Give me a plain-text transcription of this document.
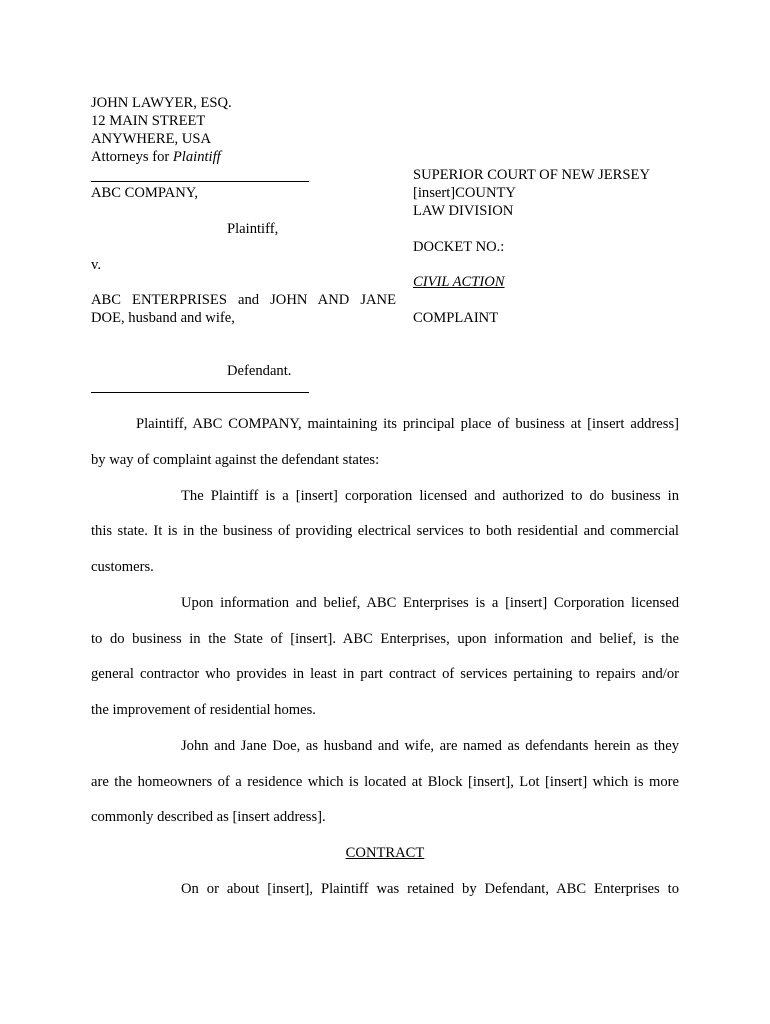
JOHN LAWYER, ESQ.
12 MAIN STREET
ANYWHERE, USA
Attorneys for Plaintiff
ABC COMPANY,
Plaintiff,
v.
ABC ENTERPRISES and JOHN AND JANE
DOE, husband and wife,
Defendant.
SUPERIOR COURT OF NEW JERSEY
[insert]COUNTY
LAW DIVISION
DOCKET NO.:
CIVIL ACTION
COMPLAINT
Plaintiff, ABC COMPANY, maintaining its principal place of business at [insert address]
by way of complaint against the defendant states:
The Plaintiff is a [insert] corporation licensed and authorized to do business in
this state. It is in the business of providing electrical services to both residential and commercial
customers.
Upon information and belief, ABC Enterprises is a [insert] Corporation licensed
to do business in the State of [insert]. ABC Enterprises, upon information and belief, is the
general contractor who provides in least in part contract of services pertaining to repairs and/or
the improvement of residential homes.
John and Jane Doe, as husband and wife, are named as defendants herein as they
are the homeowners of a residence which is located at Block [insert], Lot [insert] which is more
commonly described as [insert address].
CONTRACT
On or about [insert], Plaintiff was retained by Defendant, ABC Enterprises to
